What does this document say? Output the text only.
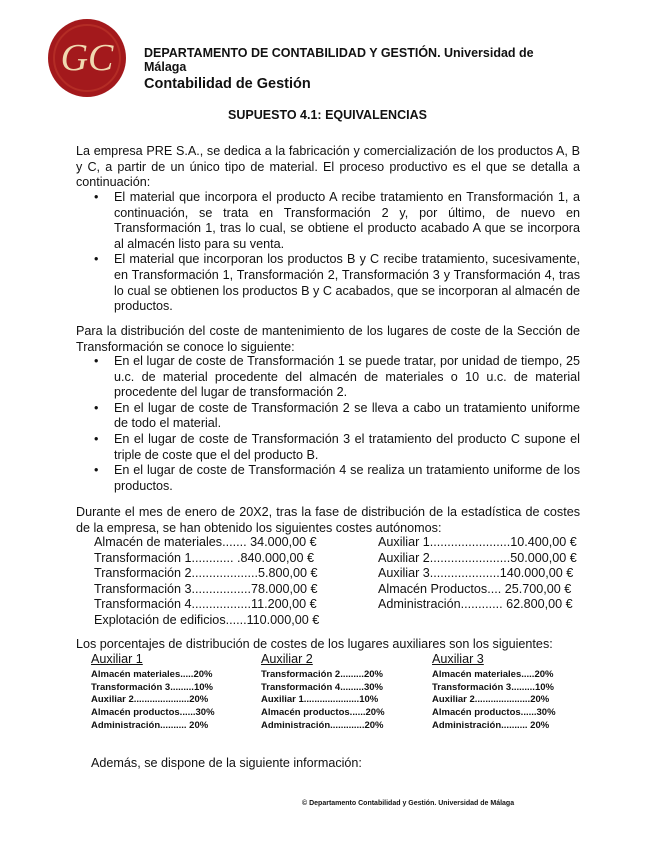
GC DEPARTAMENTO DE CONTABILIDAD Y GESTIÓN. Universidad de Málaga
Contabilidad de Gestión
SUPUESTO 4.1: EQUIVALENCIAS
La empresa PRE S.A., se dedica a la fabricación y comercialización de los productos A, B y C, a partir de un único tipo de material. El proceso productivo es el que se detalla a continuación:
• El material que incorpora el producto A recibe tratamiento en Transformación 1, a continuación, se trata en Transformación 2 y, por último, de nuevo en Transformación 1, tras lo cual, se obtiene el producto acabado A que se incorpora al almacén listo para su venta.
• El material que incorporan los productos B y C recibe tratamiento, sucesivamente, en Transformación 1, Transformación 2, Transformación 3 y Transformación 4, tras lo cual se obtienen los productos B y C acabados, que se incorporan al almacén de productos.
Para la distribución del coste de mantenimiento de los lugares de coste de la Sección de Transformación se conoce lo siguiente:
• En el lugar de coste de Transformación 1 se puede tratar, por unidad de tiempo, 25 u.c. de material procedente del almacén de materiales o 10 u.c. de material procedente del lugar de transformación 2.
• En el lugar de coste de Transformación 2 se lleva a cabo un tratamiento uniforme de todo el material.
• En el lugar de coste de Transformación 3 el tratamiento del producto C supone el triple de coste que el del producto B.
• En el lugar de coste de Transformación 4 se realiza un tratamiento uniforme de los productos.
Durante el mes de enero de 20X2, tras la fase de distribución de la estadística de costes de la empresa, se han obtenido los siguientes costes autónomos:
Almacén de materiales....... 34.000,00 €
Transformación 1............ .840.000,00 €
Transformación 2...................5.800,00 €
Transformación 3.................78.000,00 €
Transformación 4.................11.200,00 €
Explotación de edificios......110.000,00 €
Auxiliar 1.......................10.400,00 €
Auxiliar 2.......................50.000,00 €
Auxiliar 3....................140.000,00 €
Almacén Productos.... 25.700,00 €
Administración............ 62.800,00 €
Los porcentajes de distribución de costes de los lugares auxiliares son los siguientes:
Auxiliar 1
Almacén materiales.....20%
Transformación 3.........10%
Auxiliar 2.....................20%
Almacén productos......30%
Administración.......... 20%
Auxiliar 2
Transformación 2.........20%
Transformación 4.........30%
Auxiliar 1.....................10%
Almacén productos......20%
Administración.............20%
Auxiliar 3
Almacén materiales.....20%
Transformación 3.........10%
Auxiliar 2.....................20%
Almacén productos......30%
Administración.......... 20%
Además, se dispone de la siguiente información:
© Departamento Contabilidad y Gestión. Universidad de Málaga
